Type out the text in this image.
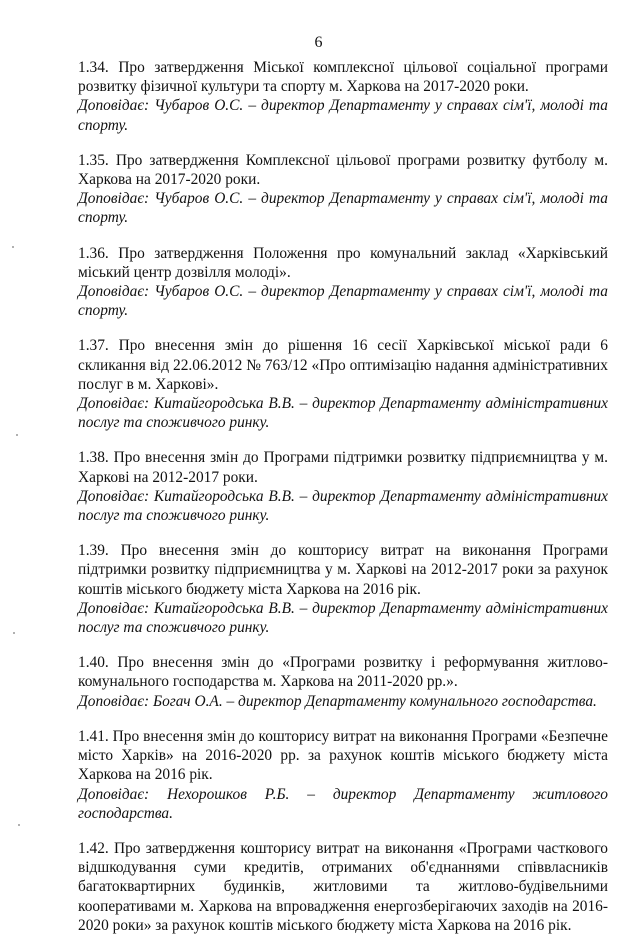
6
1.34. Про затвердження Міської комплексної цільової соціальної програми розвитку фізичної культури та спорту м. Харкова на 2017-2020 роки.
Доповідає: Чубаров О.С. – директор Департаменту у справах сім'ї, молоді та спорту.
1.35. Про затвердження Комплексної цільової програми розвитку футболу м. Харкова на 2017-2020 роки.
Доповідає: Чубаров О.С. – директор Департаменту у справах сім'ї, молоді та спорту.
1.36. Про затвердження Положення про комунальний заклад «Харківський міський центр дозвілля молоді».
Доповідає: Чубаров О.С. – директор Департаменту у справах сім'ї, молоді та спорту.
1.37. Про внесення змін до рішення 16 сесії Харківської міської ради 6 скликання від 22.06.2012 № 763/12 «Про оптимізацію надання адміністративних послуг в м. Харкові».
Доповідає: Китайгородська В.В. – директор Департаменту адміністративних послуг та споживчого ринку.
1.38. Про внесення змін до Програми підтримки розвитку підприємництва у м. Харкові на 2012-2017 роки.
Доповідає: Китайгородська В.В. – директор Департаменту адміністративних послуг та споживчого ринку.
1.39. Про внесення змін до кошторису витрат на виконання Програми підтримки розвитку підприємництва у м. Харкові на 2012-2017 роки за рахунок коштів міського бюджету міста Харкова на 2016 рік.
Доповідає: Китайгородська В.В. – директор Департаменту адміністративних послуг та споживчого ринку.
1.40. Про внесення змін до «Програми розвитку і реформування житлово-комунального господарства м. Харкова на 2011-2020 рр.».
Доповідає: Богач О.А. – директор Департаменту комунального господарства.
1.41. Про внесення змін до кошторису витрат на виконання Програми «Безпечне місто Харків» на 2016-2020 рр. за рахунок коштів міського бюджету міста Харкова на 2016 рік.
Доповідає: Нехорошков Р.Б. – директор Департаменту житлового господарства.
1.42. Про затвердження кошторису витрат на виконання «Програми часткового відшкодування суми кредитів, отриманих об'єднаннями співвласників багатоквартирних будинків, житловими та житлово-будівельними кооперативами м. Харкова на впровадження енергозберігаючих заходів на 2016-2020 роки» за рахунок коштів міського бюджету міста Харкова на 2016 рік.
